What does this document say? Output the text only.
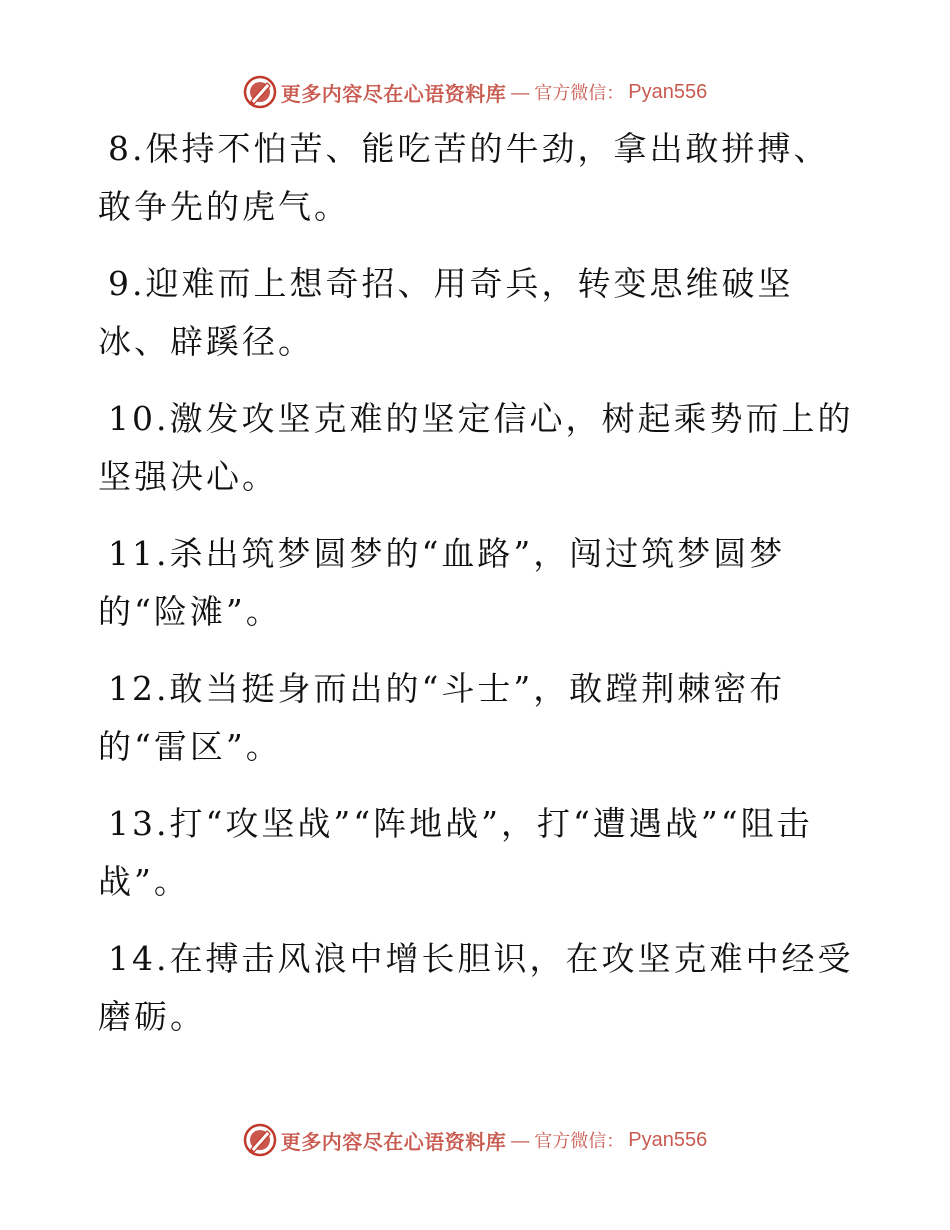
更多内容尽在心语资料库 — 官方微信： Pyan556

8.保持不怕苦、能吃苦的牛劲，拿出敢拼搏、敢争先的虎气。

9.迎难而上想奇招、用奇兵，转变思维破坚冰、辟蹊径。

10.激发攻坚克难的坚定信心，树起乘势而上的坚强决心。

11.杀出筑梦圆梦的“血路”，闯过筑梦圆梦的“险滩”。

12.敢当挺身而出的“斗士”，敢蹚荆棘密布的“雷区”。

13.打“攻坚战”“阵地战”，打“遭遇战”“阻击战”。

14.在搏击风浪中增长胆识，在攻坚克难中经受磨砺。

更多内容尽在心语资料库 — 官方微信： Pyan556
